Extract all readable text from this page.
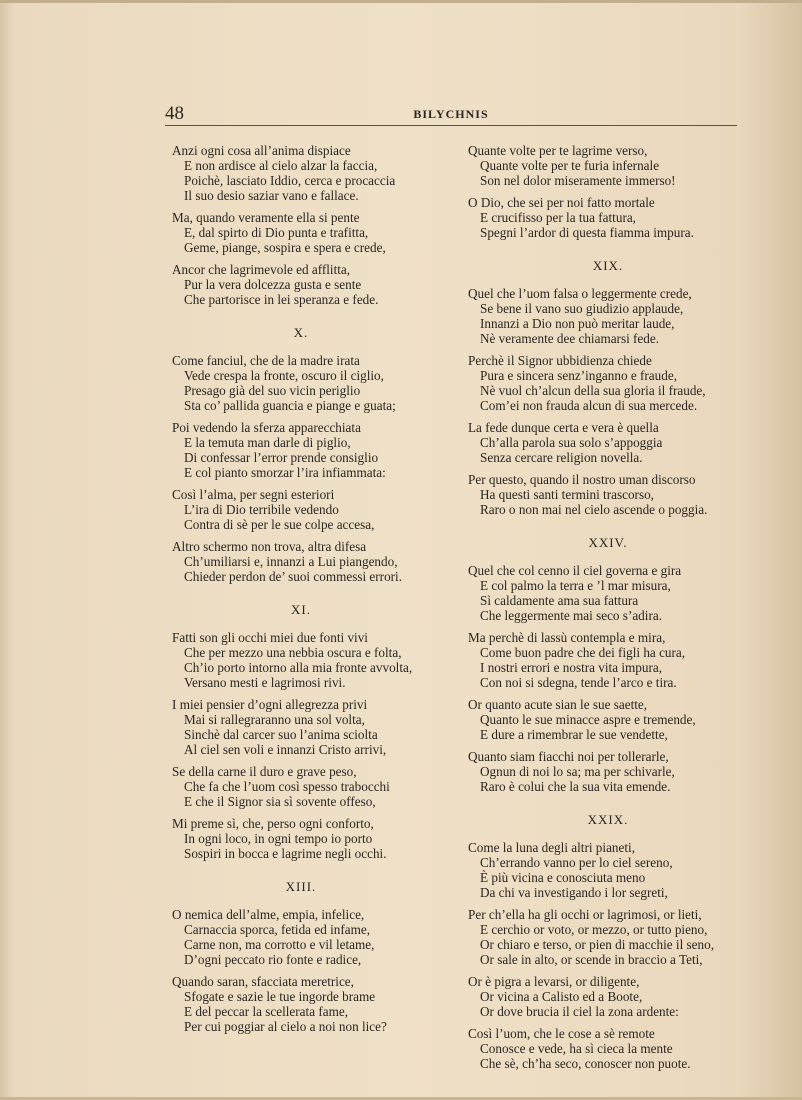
48	BILYCHNIS
Anzi ogni cosa all’anima dispiace
E non ardisce al cielo alzar la faccia,
Poichè, lasciato Iddio, cerca e procaccia
Il suo desio saziar vano e fallace.
Ma, quando veramente ella si pente
E, dal spirto di Dio punta e trafitta,
Geme, piange, sospira e spera e crede,
Ancor che lagrimevole ed afflitta,
Pur la vera dolcezza gusta e sente
Che partorisce in lei speranza e fede.
X.
Come fanciul, che de la madre irata
Vede crespa la fronte, oscuro il ciglio,
Presago già del suo vicin periglio
Sta co’ pallida guancia e piange e guata;
Poi vedendo la sferza apparecchiata
E la temuta man darle di piglio,
Di confessar l’error prende consiglio
E col pianto smorzar l’ira infiammata:
Così l’alma, per segni esteriori
L’ira di Dio terribile vedendo
Contra di sè per le sue colpe accesa,
Altro schermo non trova, altra difesa
Ch’umiliarsi e, innanzi a Lui piangendo,
Chieder perdon de’ suoi commessi errori.
XI.
Fatti son gli occhi miei due fonti vivi
Che per mezzo una nebbia oscura e folta,
Ch’io porto intorno alla mia fronte avvolta,
Versano mesti e lagrimosi rivi.
I miei pensier d’ogni allegrezza privi
Mai si rallegraranno una sol volta,
Sinchè dal carcer suo l’anima sciolta
Al ciel sen voli e innanzi Cristo arrivi,
Se della carne il duro e grave peso,
Che fa che l’uom così spesso trabocchi
E che il Signor sia sì sovente offeso,
Mi preme sì, che, perso ogni conforto,
In ogni loco, in ogni tempo io porto
Sospiri in bocca e lagrime negli occhi.
XIII.
O nemica dell’alme, empia, infelice,
Carnaccia sporca, fetida ed infame,
Carne non, ma corrotto e vil letame,
D’ogni peccato rio fonte e radice,
Quando saran, sfacciata meretrice,
Sfogate e sazie le tue ingorde brame
E del peccar la scellerata fame,
Per cui poggiar al cielo a noi non lice?
Quante volte per te lagrime verso,
Quante volte per te furia infernale
Son nel dolor miseramente immerso!
O Dio, che sei per noi fatto mortale
E crucifisso per la tua fattura,
Spegni l’ardor di questa fiamma impura.
XIX.
Quel che l’uom falsa o leggermente crede,
Se bene il vano suo giudizio applaude,
Innanzi a Dio non può meritar laude,
Nè veramente dee chiamarsi fede.
Perchè il Signor ubbidienza chiede
Pura e sincera senz’inganno e fraude,
Nè vuol ch’alcun della sua gloria il fraude,
Com’ei non frauda alcun di sua mercede.
La fede dunque certa e vera è quella
Ch’alla parola sua solo s’appoggia
Senza cercare religion novella.
Per questo, quando il nostro uman discorso
Ha questi santi termini trascorso,
Raro o non mai nel cielo ascende o poggia.
XXIV.
Quel che col cenno il ciel governa e gira
E col palmo la terra e ’l mar misura,
Sì caldamente ama sua fattura
Che leggermente mai seco s’adira.
Ma perchè di lassù contempla e mira,
Come buon padre che dei figli ha cura,
I nostri errori e nostra vita impura,
Con noi si sdegna, tende l’arco e tira.
Or quanto acute sian le sue saette,
Quanto le sue minacce aspre e tremende,
E dure a rimembrar le sue vendette,
Quanto siam fiacchi noi per tollerarle,
Ognun di noi lo sa; ma per schivarle,
Raro è colui che la sua vita emende.
XXIX.
Come la luna degli altri pianeti,
Ch’errando vanno per lo ciel sereno,
È più vicina e conosciuta meno
Da chi va investigando i lor segreti,
Per ch’ella ha gli occhi or lagrimosi, or lieti,
E cerchio or voto, or mezzo, or tutto pieno,
Or chiaro e terso, or pien di macchie il seno,
Or sale in alto, or scende in braccio a Teti,
Or è pigra a levarsi, or diligente,
Or vicina a Calisto ed a Boote,
Or dove brucia il ciel la zona ardente:
Così l’uom, che le cose a sè remote
Conosce e vede, ha sì cieca la mente
Che sè, ch’ha seco, conoscer non puote.
